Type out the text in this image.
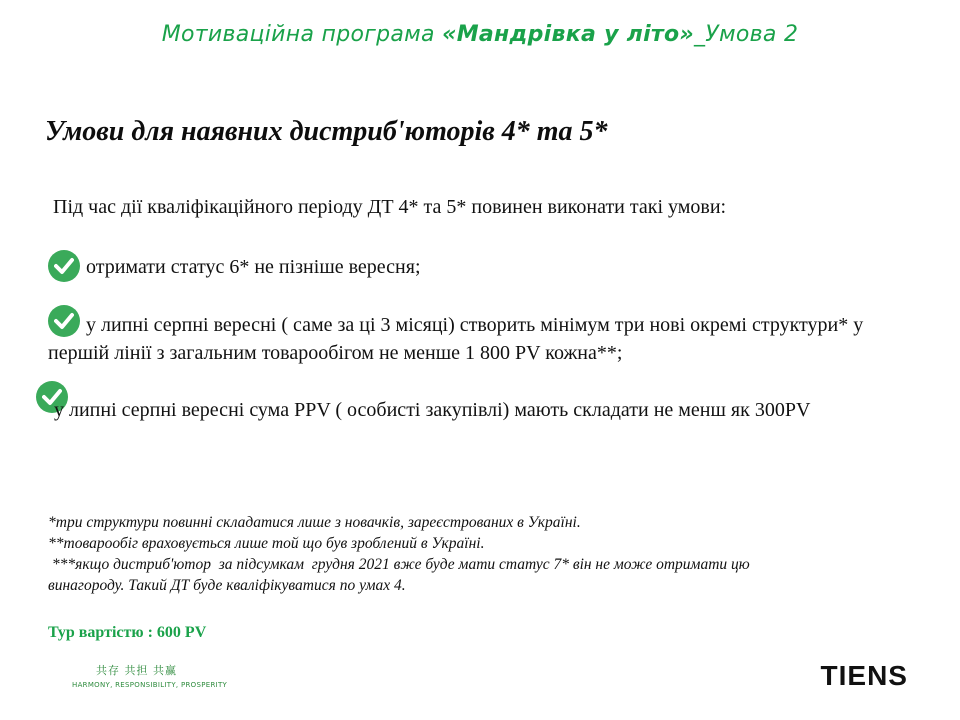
Мотиваційна програма «Мандрівка у літо»_Умова 2
Умови для наявних дистриб'юторів 4* та 5*
Під час дії кваліфікаційного періоду ДТ 4* та 5* повинен виконати такі умови:
отримати статус 6* не пізніше вересня;
у липні серпні вересні ( саме за ці 3 місяці) створить мінімум три нові окремі структури* у першій лінії з загальним товарообігом не менше 1 800 PV кожна**;
у липні серпні вересні сума PPV ( особисті закупівлі) мають складати не менш як 300PV
*три структури повинні складатися лише з новачків, зареєстрованих в Україні.
**товарообіг враховується лише той що був зроблений в Україні.
***якщо дистриб'ютор  за підсумкам  грудня 2021 вже буде мати статус 7* він не може отримати цю
винагороду. Такий ДТ буде кваліфікуватися по умах 4.
Тур вартістю : 600 PV
共存 共担 共赢
HARMONY, RESPONSIBILITY, PROSPERITY	TIENS
